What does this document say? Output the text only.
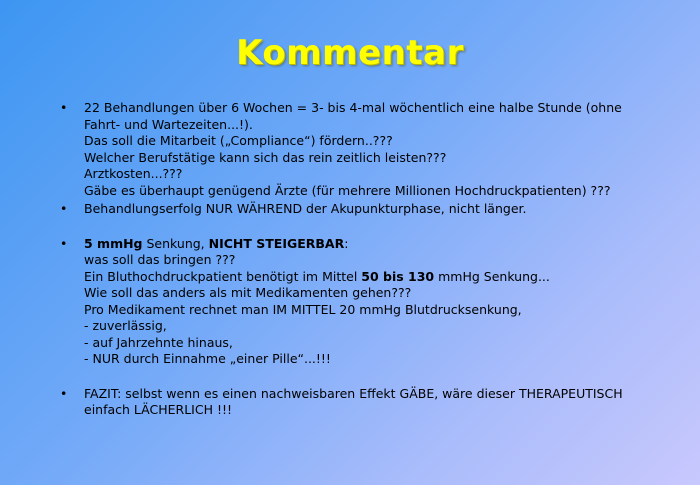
Kommentar
• 22 Behandlungen über 6 Wochen = 3- bis 4-mal wöchentlich eine halbe Stunde (ohne
Fahrt- und Wartezeiten...!).
Das soll die Mitarbeit („Compliance“) fördern..???
Welcher Berufstätige kann sich das rein zeitlich leisten???
Arztkosten...???
Gäbe es überhaupt genügend Ärzte (für mehrere Millionen Hochdruckpatienten) ???
• Behandlungserfolg NUR WÄHREND der Akupunkturphase, nicht länger.
• 5 mmHg Senkung, NICHT STEIGERBAR:
was soll das bringen ???
Ein Bluthochdruckpatient benötigt im Mittel 50 bis 130 mmHg Senkung...
Wie soll das anders als mit Medikamenten gehen???
Pro Medikament rechnet man IM MITTEL 20 mmHg Blutdrucksenkung,
- zuverlässig,
- auf Jahrzehnte hinaus,
- NUR durch Einnahme „einer Pille“...!!!
• FAZIT: selbst wenn es einen nachweisbaren Effekt GÄBE, wäre dieser THERAPEUTISCH
einfach LÄCHERLICH !!!
